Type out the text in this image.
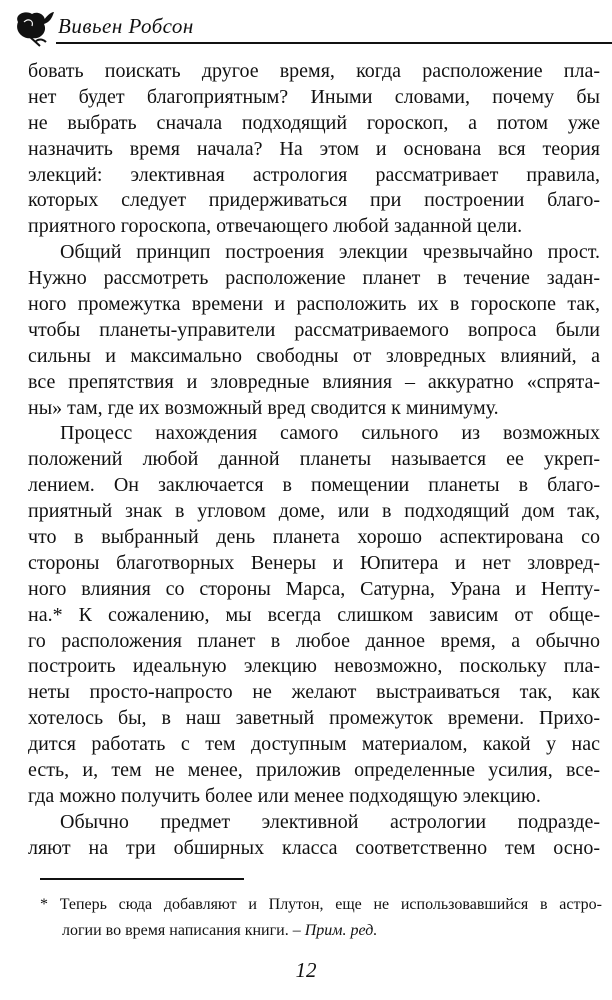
Вивьен Робсон
бовать поискать другое время, когда расположение пла-
нет будет благоприятным? Иными словами, почему бы
не выбрать сначала подходящий гороскоп, а потом уже
назначить время начала? На этом и основана вся теория
элекций: элективная астрология рассматривает правила,
которых следует придерживаться при построении благо-
приятного гороскопа, отвечающего любой заданной цели.
Общий принцип построения элекции чрезвычайно прост.
Нужно рассмотреть расположение планет в течение задан-
ного промежутка времени и расположить их в гороскопе так,
чтобы планеты-управители рассматриваемого вопроса были
сильны и максимально свободны от зловредных влияний, а
все препятствия и зловредные влияния – аккуратно «спрята-
ны» там, где их возможный вред сводится к минимуму.
Процесс нахождения самого сильного из возможных
положений любой данной планеты называется ее укреп-
лением. Он заключается в помещении планеты в благо-
приятный знак в угловом доме, или в подходящий дом так,
что в выбранный день планета хорошо аспектирована со
стороны благотворных Венеры и Юпитера и нет зловред-
ного влияния со стороны Марса, Сатурна, Урана и Непту-
на.* К сожалению, мы всегда слишком зависим от обще-
го расположения планет в любое данное время, а обычно
построить идеальную элекцию невозможно, поскольку пла-
неты просто-напросто не желают выстраиваться так, как
хотелось бы, в наш заветный промежуток времени. Прихо-
дится работать с тем доступным материалом, какой у нас
есть, и, тем не менее, приложив определенные усилия, все-
гда можно получить более или менее подходящую элекцию.
Обычно предмет элективной астрологии подразде-
ляют на три обширных класса соответственно тем осно-
* Теперь сюда добавляют и Плутон, еще не использовавшийся в астро-
логии во время написания книги. – Прим. ред.
12
